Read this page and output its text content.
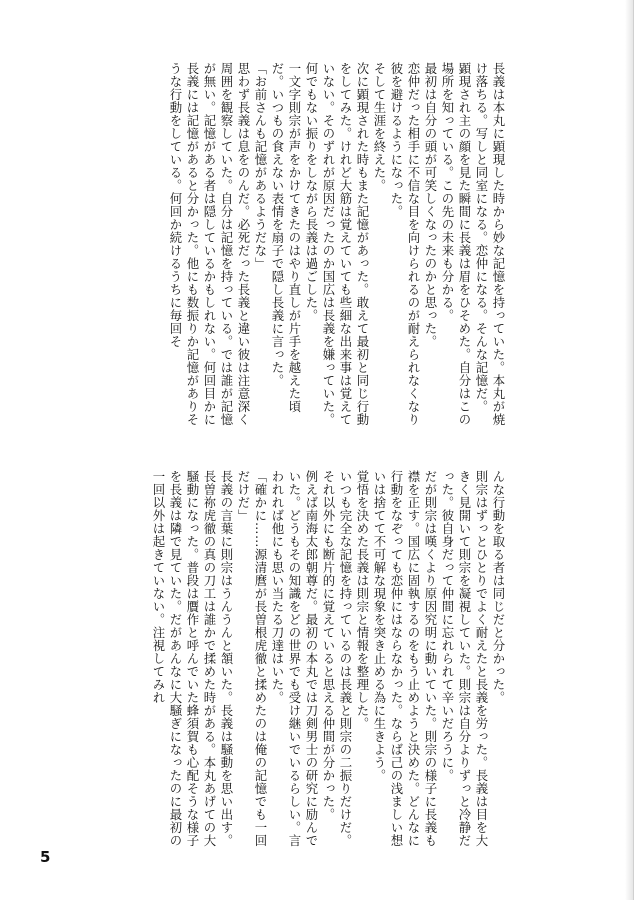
長義は本丸に顕現した時から妙な記憶を持っていた。本丸が焼け落ちる。写しと同室になる。恋仲になる。そんな記憶だ。

顕現され主の顔を見た瞬間に長義は眉をひそめた。自分はこの場所を知っている。この先の未来も分かる。

最初は自分の頭が可笑しくなったのかと思った。

恋仲だった相手に不信な目を向けられるのが耐えられなくなり彼を避けるようになった。

そして生涯を終えた。

次に顕現された時もまた記憶があった。敢えて最初と同じ行動をしてみた。けれど大筋は覚えていても些細な出来事は覚えていない。そのずれが原因だったのか国広は長義を嫌っていた。何でもない振りをしながら長義は過ごした。

一文字則宗が声をかけてきたのはやり直しが片手を越えた頃だ。いつもの食えない表情を扇子で隠し長義に言った。

「お前さんも記憶があるようだな」

思わず長義は息をのんだ。必死だった長義と違い彼は注意深く周囲を観察していた。自分は記憶を持っている。では誰が記憶が無い。記憶がある者は隠しているかもしれない。何回目かに長義には記憶があると分かった。他にも数振りか記憶がありそうな行動をしている。何回か続けるうちに毎回そ

んな行動を取る者は同じだと分かった。

則宗はずっとひとりでよく耐えたと長義を労った。長義は目を大きく見開いて則宗を凝視していた。則宗は自分よりずっと冷静だった。彼自身だって仲間に忘れられて辛いだろうに。

だが則宗は嘆くより原因究明に動いていた。則宗の様子に長義も襟を正す。国広に固執するのをもう止めようと決めた。どんなに行動をなぞっても恋仲にはならなかった。ならば己の浅ましい想いは捨てて不可解な現象を突き止める為に生きよう。

覚悟を決めた長義は則宗と情報を整理した。

いつも完全な記憶を持っているのは長義と則宗の二振りだけだ。それ以外にも断片的に覚えていると思える仲間が分かった。

例えば南海太郎朝尊だ。最初の本丸では刀剣男士の研究に励んでいた。どうもその知識をどの世界でも受け継いでいるらしい。言われれば他にも思い当たる刀達はいた。

「確かに……源清麿が長曽根虎徹と揉めたのは俺の記憶でも一回だけだ」

長義の言葉に則宗はうんうんと頷いた。長義は騒動を思い出す。長曽祢虎徹の真の刀工は誰かで揉めた時がある。本丸あげての大騒動になった。普段は贋作と呼んでいた蜂須賀も心配そうな様子を長義は隣で見ていた。だがあんなに大騒ぎになったのに最初の一回以外は起きていない。注視してみれ

5
